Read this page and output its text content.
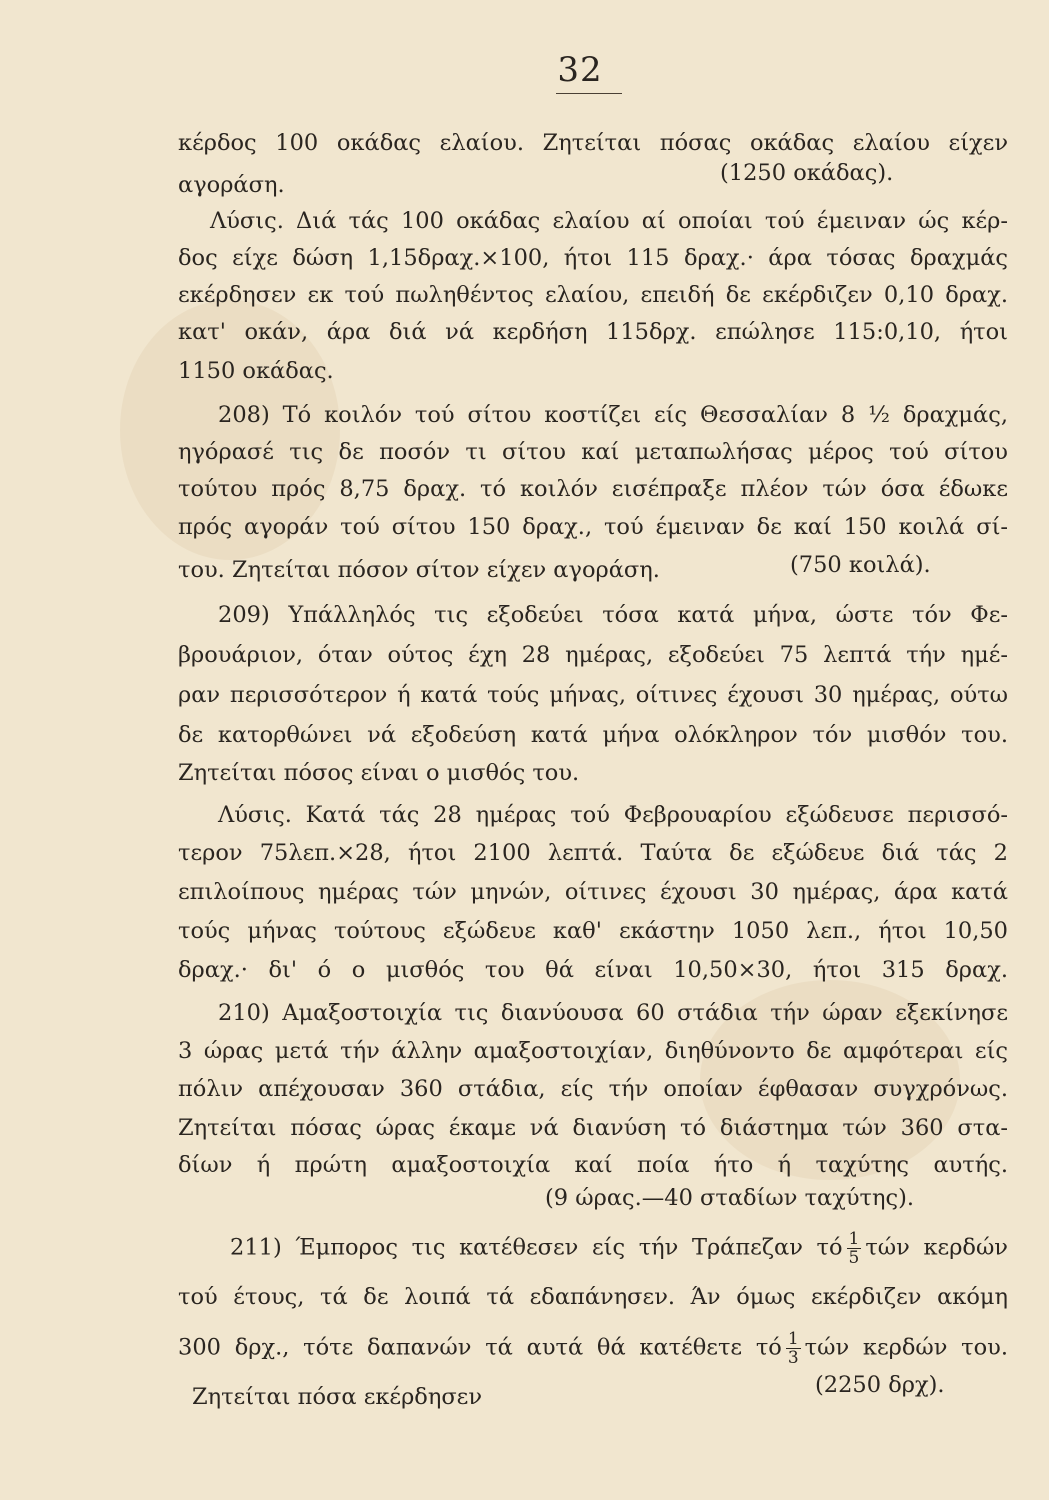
32
κέρδος 100 οκάδας ελαίου. Ζητείται πόσας οκάδας ελαίου είχεν
αγοράση.	(1250 οκάδας).
Λύσις. Διά τάς 100 οκάδας ελαίου αί οποίαι τού έμειναν ώς κέρ-
δος είχε δώση 1,15δραχ.×100, ήτοι 115 δραχ.· άρα τόσας δραχμάς
εκέρδησεν εκ τού πωληθέντος ελαίου, επειδή δε εκέρδιζεν 0,10 δραχ.
κατ' οκάν, άρα διά νά κερδήση 115δρχ. επώλησε 115:0,10, ήτοι
1150 οκάδας.
208) Τό κοιλόν τού σίτου κοστίζει είς Θεσσαλίαν 8 ½ δραχμάς,
ηγόρασέ τις δε ποσόν τι σίτου καί μεταπωλήσας μέρος τού σίτου
τούτου πρός 8,75 δραχ. τό κοιλόν εισέπραξε πλέον τών όσα έδωκε
πρός αγοράν τού σίτου 150 δραχ., τού έμειναν δε καί 150 κοιλά σί-
του. Ζητείται πόσον σίτον είχεν αγοράση.	(750 κοιλά).
209) Υπάλληλός τις εξοδεύει τόσα κατά μήνα, ώστε τόν Φε-
βρουάριον, όταν ούτος έχη 28 ημέρας, εξοδεύει 75 λεπτά τήν ημέ-
ραν περισσότερον ή κατά τούς μήνας, οίτινες έχουσι 30 ημέρας, ούτω
δε κατορθώνει νά εξοδεύση κατά μήνα ολόκληρον τόν μισθόν του.
Ζητείται πόσος είναι ο μισθός του.
Λύσις. Κατά τάς 28 ημέρας τού Φεβρουαρίου εξώδευσε περισσό-
τερον 75λεπ.×28, ήτοι 2100 λεπτά. Ταύτα δε εξώδευε διά τάς 2
επιλοίπους ημέρας τών μηνών, οίτινες έχουσι 30 ημέρας, άρα κατά
τούς μήνας τούτους εξώδευε καθ' εκάστην 1050 λεπ., ήτοι 10,50
δραχ.· δι' ό ο μισθός του θά είναι 10,50×30, ήτοι 315 δραχ.
210) Αμαξοστοιχία τις διανύουσα 60 στάδια τήν ώραν εξεκίνησε
3 ώρας μετά τήν άλλην αμαξοστοιχίαν, διηθύνοντο δε αμφότεραι είς
πόλιν απέχουσαν 360 στάδια, είς τήν οποίαν έφθασαν συγχρόνως.
Ζητείται πόσας ώρας έκαμε νά διανύση τό διάστημα τών 360 στα-
δίων ή πρώτη αμαξοστοιχία καί ποία ήτο ή ταχύτης αυτής.
(9 ώρας.—40 σταδίων ταχύτης).
211) Έμπορος τις κατέθεσεν είς τήν Τράπεζαν τό $\frac{1}{5}$ τών κερδών
τού έτους, τά δε λοιπά τά εδαπάνησεν. Άν όμως εκέρδιζεν ακόμη
300 δρχ., τότε δαπανών τά αυτά θά κατέθετε τό $\frac{1}{3}$ τών κερδών του.
Ζητείται πόσα εκέρδησεν	(2250 δρχ).
